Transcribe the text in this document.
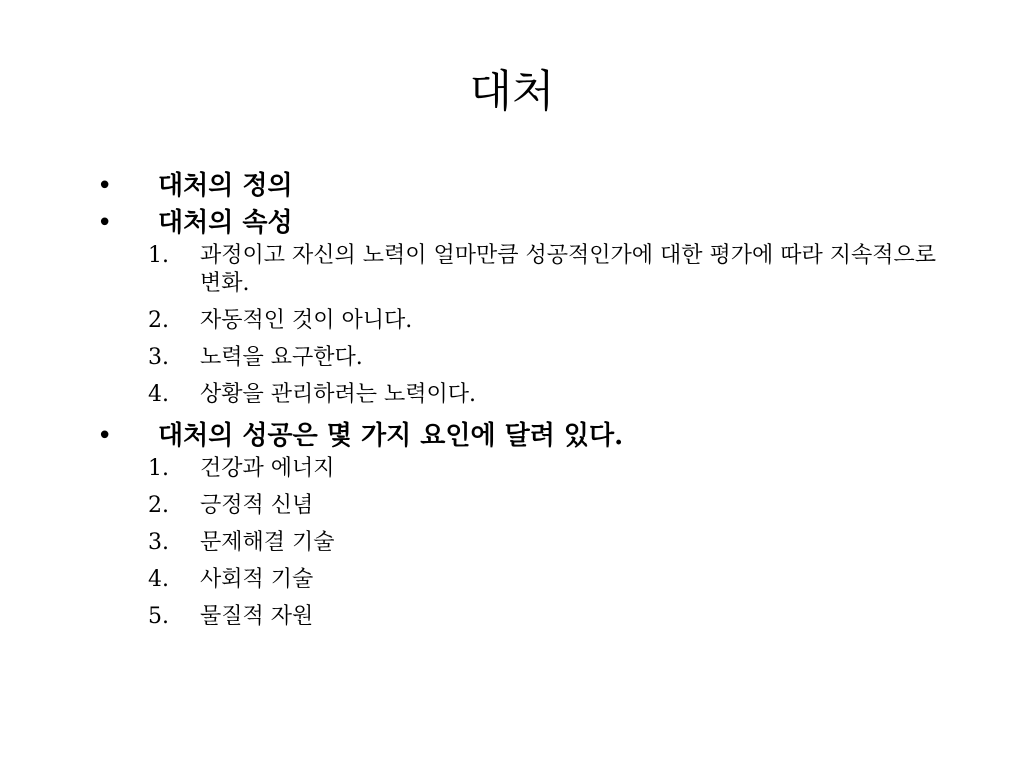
대처
• 대처의 정의
• 대처의 속성
1. 과정이고 자신의 노력이 얼마만큼 성공적인가에 대한 평가에 따라 지속적으로 변화.
2. 자동적인 것이 아니다.
3. 노력을 요구한다.
4. 상황을 관리하려는 노력이다.
• 대처의 성공은 몇 가지 요인에 달려 있다.
1. 건강과 에너지
2. 긍정적 신념
3. 문제해결 기술
4. 사회적 기술
5. 물질적 자원
